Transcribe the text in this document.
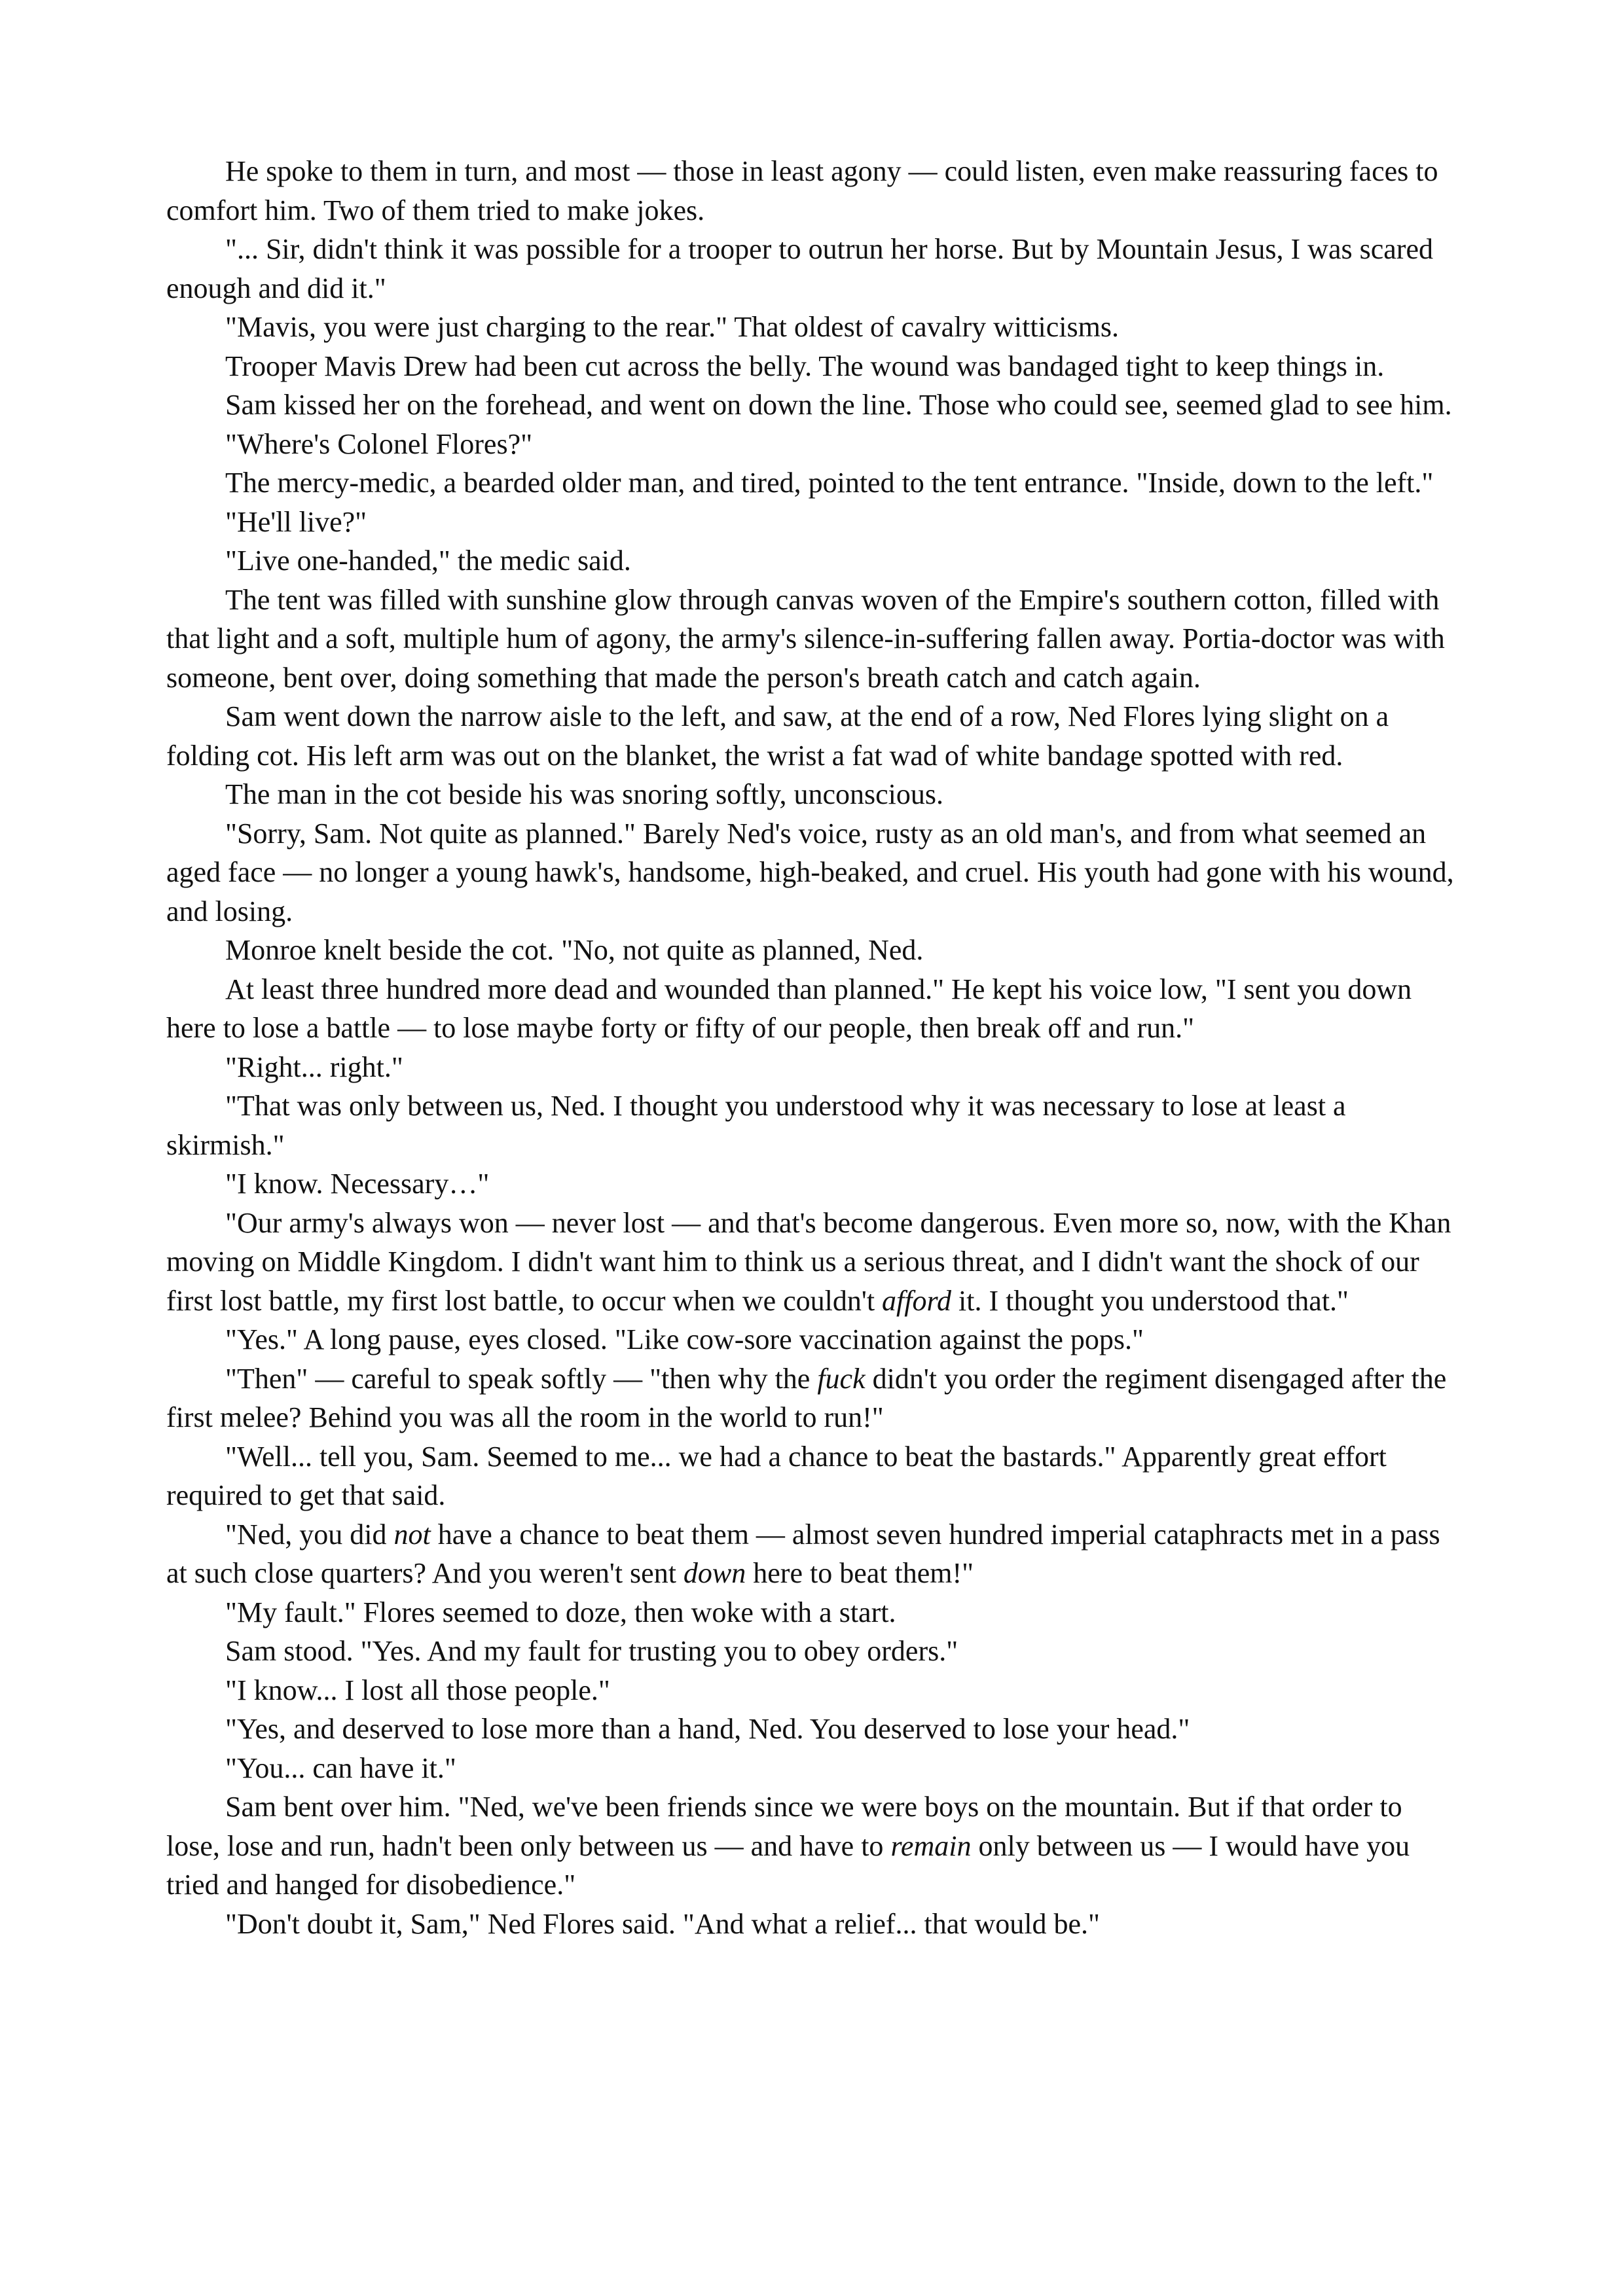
He spoke to them in turn, and most — those in least agony — could listen, even make reassuring faces to comfort him. Two of them tried to make jokes.

"... Sir, didn't think it was possible for a trooper to outrun her horse. But by Mountain Jesus, I was scared enough and did it."

"Mavis, you were just charging to the rear." That oldest of cavalry witticisms.

Trooper Mavis Drew had been cut across the belly. The wound was bandaged tight to keep things in.

Sam kissed her on the forehead, and went on down the line. Those who could see, seemed glad to see him.

"Where's Colonel Flores?"

The mercy-medic, a bearded older man, and tired, pointed to the tent entrance. "Inside, down to the left."

"He'll live?"

"Live one-handed," the medic said.

The tent was filled with sunshine glow through canvas woven of the Empire's southern cotton, filled with that light and a soft, multiple hum of agony, the army's silence-in-suffering fallen away. Portia-doctor was with someone, bent over, doing something that made the person's breath catch and catch again.

Sam went down the narrow aisle to the left, and saw, at the end of a row, Ned Flores lying slight on a folding cot. His left arm was out on the blanket, the wrist a fat wad of white bandage spotted with red.

The man in the cot beside his was snoring softly, unconscious.

"Sorry, Sam. Not quite as planned." Barely Ned's voice, rusty as an old man's, and from what seemed an aged face — no longer a young hawk's, handsome, high-beaked, and cruel. His youth had gone with his wound, and losing.

Monroe knelt beside the cot. "No, not quite as planned, Ned.

At least three hundred more dead and wounded than planned." He kept his voice low, "I sent you down here to lose a battle — to lose maybe forty or fifty of our people, then break off and run."

"Right... right."

"That was only between us, Ned. I thought you understood why it was necessary to lose at least a skirmish."

"I know. Necessary…"

"Our army's always won — never lost — and that's become dangerous. Even more so, now, with the Khan moving on Middle Kingdom. I didn't want him to think us a serious threat, and I didn't want the shock of our first lost battle, my first lost battle, to occur when we couldn't afford it. I thought you understood that."

"Yes." A long pause, eyes closed. "Like cow-sore vaccination against the pops."

"Then" — careful to speak softly — "then why the fuck didn't you order the regiment disengaged after the first melee? Behind you was all the room in the world to run!"

"Well... tell you, Sam. Seemed to me... we had a chance to beat the bastards." Apparently great effort required to get that said.

"Ned, you did not have a chance to beat them — almost seven hundred imperial cataphracts met in a pass at such close quarters? And you weren't sent down here to beat them!"

"My fault." Flores seemed to doze, then woke with a start.

Sam stood. "Yes. And my fault for trusting you to obey orders."

"I know... I lost all those people."

"Yes, and deserved to lose more than a hand, Ned. You deserved to lose your head."

"You... can have it."

Sam bent over him. "Ned, we've been friends since we were boys on the mountain. But if that order to lose, lose and run, hadn't been only between us — and have to remain only between us — I would have you tried and hanged for disobedience."

"Don't doubt it, Sam," Ned Flores said. "And what a relief... that would be."
